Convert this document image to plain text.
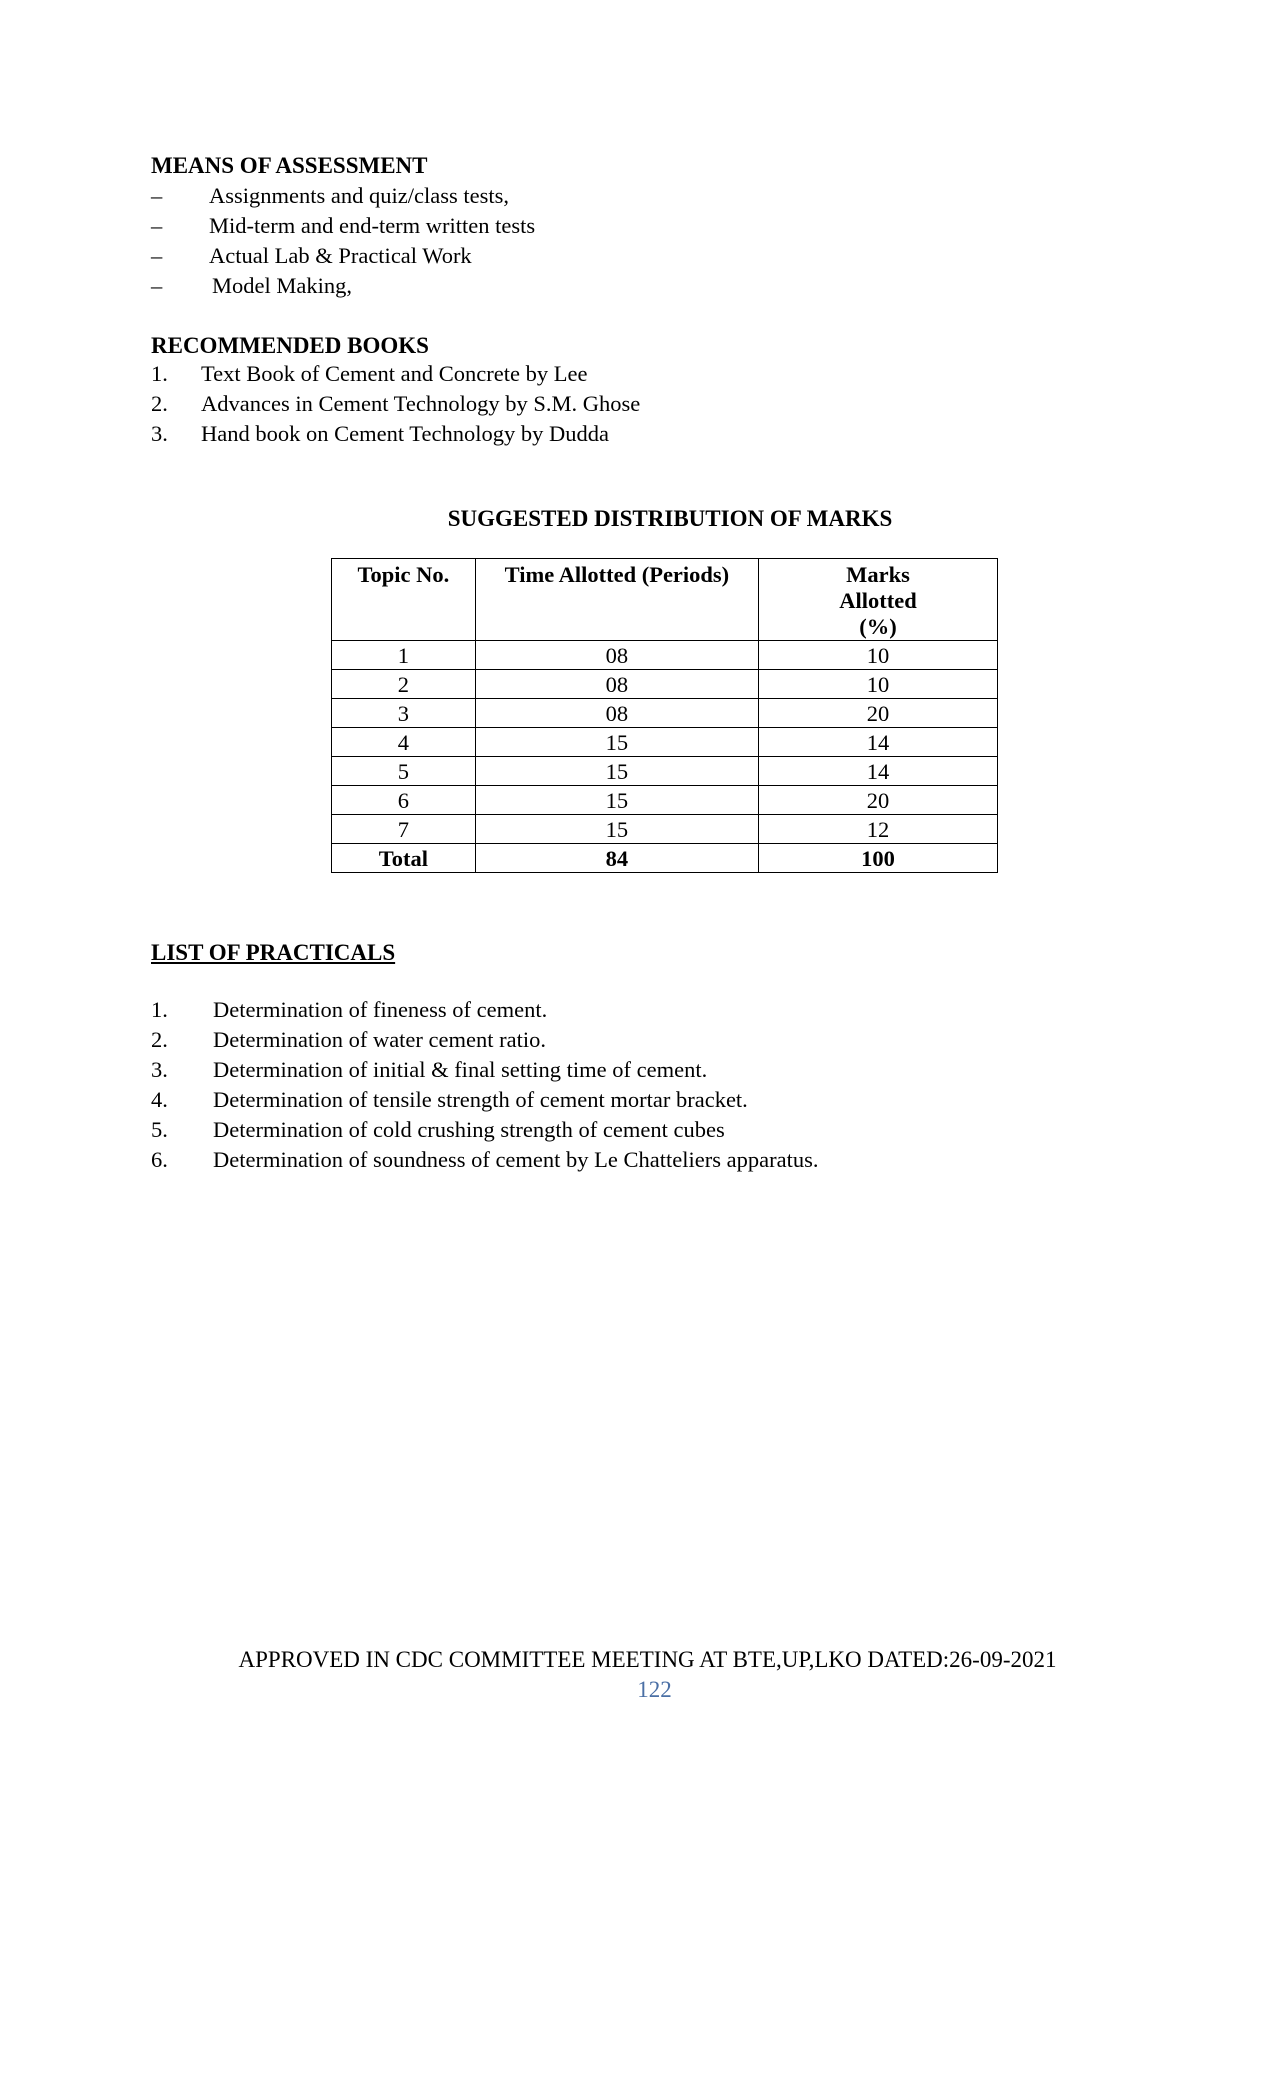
MEANS OF ASSESSMENT
– Assignments and quiz/class tests,
– Mid-term and end-term written tests
– Actual Lab & Practical Work
– Model Making,
RECOMMENDED BOOKS
1. Text Book of Cement and Concrete by Lee
2. Advances in Cement Technology by S.M. Ghose
3. Hand book on Cement Technology by Dudda
SUGGESTED DISTRIBUTION OF MARKS
Topic No.	Time Allotted (Periods)	Marks Allotted (%)
1	08	10
2	08	10
3	08	20
4	15	14
5	15	14
6	15	20
7	15	12
Total	84	100
LIST OF PRACTICALS
1. Determination of fineness of cement.
2. Determination of water cement ratio.
3. Determination of initial & final setting time of cement.
4. Determination of tensile strength of cement mortar bracket.
5. Determination of cold crushing strength of cement cubes
6. Determination of soundness of cement by Le Chatteliers apparatus.
APPROVED IN CDC COMMITTEE MEETING AT BTE,UP,LKO DATED:26-09-2021
122
